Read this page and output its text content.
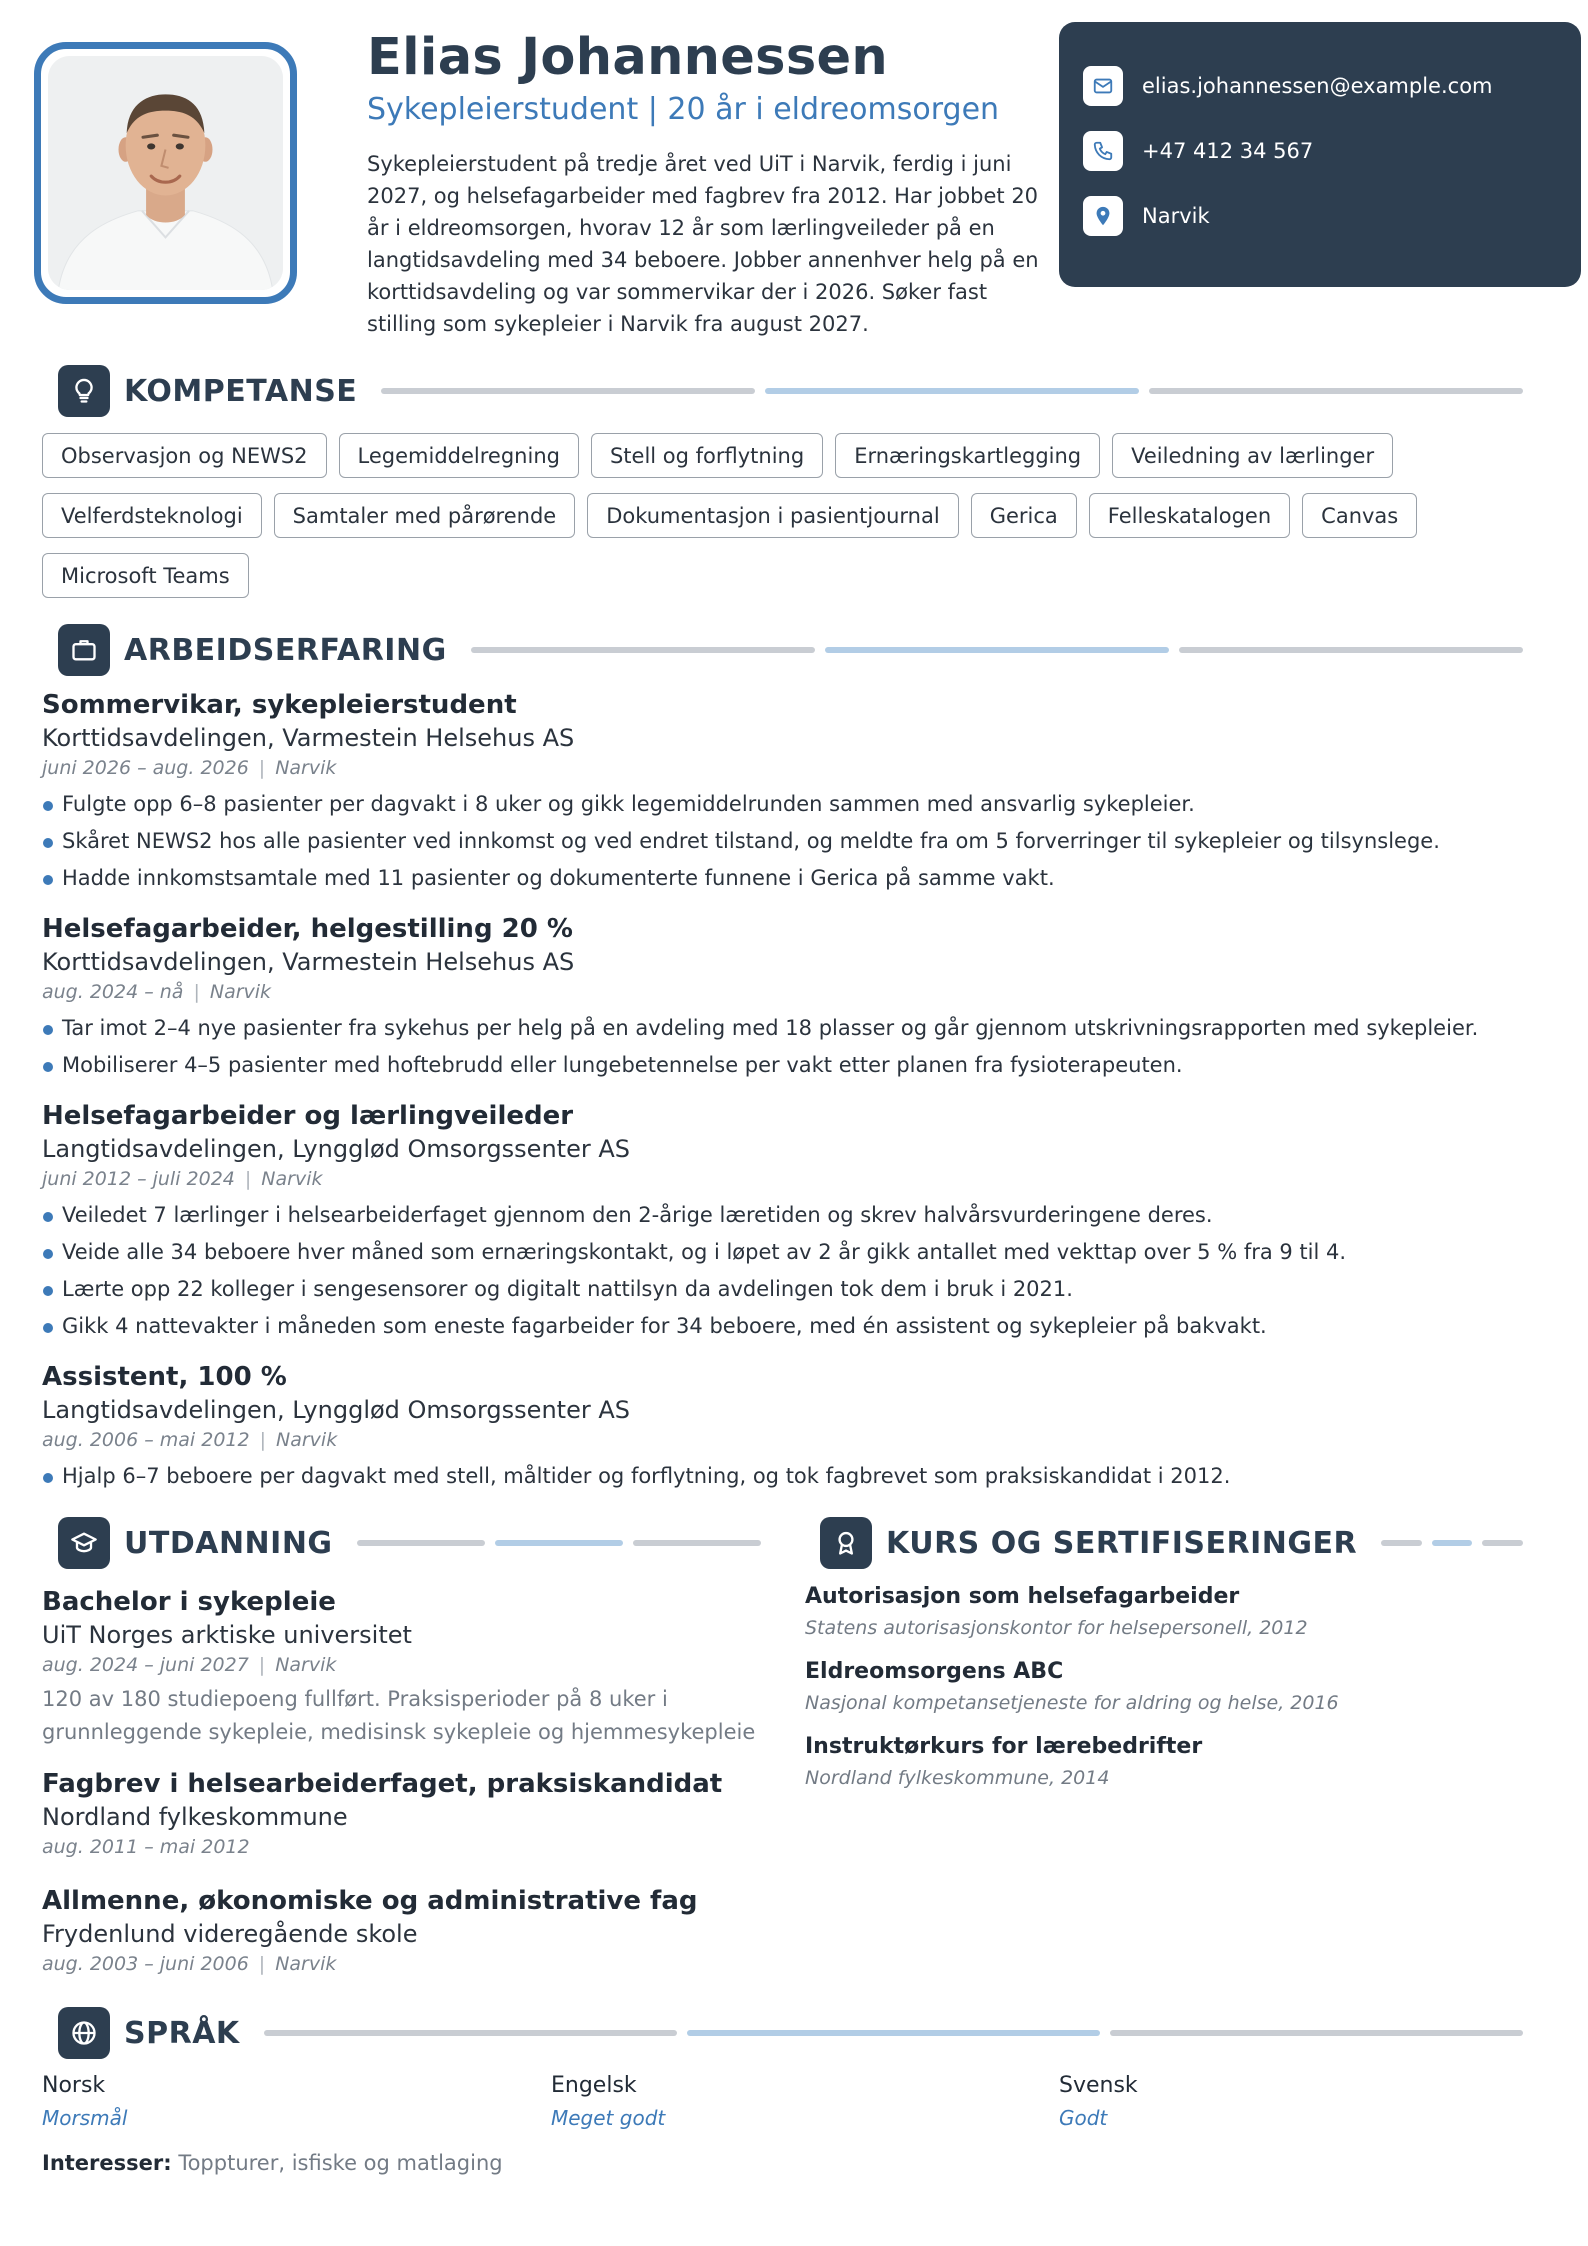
Elias Johannessen
Sykepleierstudent | 20 år i eldreomsorgen
Sykepleierstudent på tredje året ved UiT i Narvik, ferdig i juni 2027, og helsefagarbeider med fagbrev fra 2012. Har jobbet 20 år i eldreomsorgen, hvorav 12 år som lærlingveileder på en langtidsavdeling med 34 beboere. Jobber annenhver helg på en korttidsavdeling og var sommervikar der i 2026. Søker fast stilling som sykepleier i Narvik fra august 2027.
elias.johannessen@example.com
+47 412 34 567
Narvik
KOMPETANSE
Observasjon og NEWS2	Legemiddelregning	Stell og forflytning	Ernæringskartlegging	Veiledning av lærlinger
Velferdsteknologi	Samtaler med pårørende	Dokumentasjon i pasientjournal	Gerica	Felleskatalogen	Canvas
Microsoft Teams
ARBEIDSERFARING
Sommervikar, sykepleierstudent
Korttidsavdelingen, Varmestein Helsehus AS
juni 2026 – aug. 2026 | Narvik
Fulgte opp 6–8 pasienter per dagvakt i 8 uker og gikk legemiddelrunden sammen med ansvarlig sykepleier.
Skåret NEWS2 hos alle pasienter ved innkomst og ved endret tilstand, og meldte fra om 5 forverringer til sykepleier og tilsynslege.
Hadde innkomstsamtale med 11 pasienter og dokumenterte funnene i Gerica på samme vakt.
Helsefagarbeider, helgestilling 20 %
Korttidsavdelingen, Varmestein Helsehus AS
aug. 2024 – nå | Narvik
Tar imot 2–4 nye pasienter fra sykehus per helg på en avdeling med 18 plasser og går gjennom utskrivningsrapporten med sykepleier.
Mobiliserer 4–5 pasienter med hoftebrudd eller lungebetennelse per vakt etter planen fra fysioterapeuten.
Helsefagarbeider og lærlingveileder
Langtidsavdelingen, Lyngglød Omsorgssenter AS
juni 2012 – juli 2024 | Narvik
Veiledet 7 lærlinger i helsearbeiderfaget gjennom den 2-årige læretiden og skrev halvårsvurderingene deres.
Veide alle 34 beboere hver måned som ernæringskontakt, og i løpet av 2 år gikk antallet med vekttap over 5 % fra 9 til 4.
Lærte opp 22 kolleger i sengesensorer og digitalt nattilsyn da avdelingen tok dem i bruk i 2021.
Gikk 4 nattevakter i måneden som eneste fagarbeider for 34 beboere, med én assistent og sykepleier på bakvakt.
Assistent, 100 %
Langtidsavdelingen, Lyngglød Omsorgssenter AS
aug. 2006 – mai 2012 | Narvik
Hjalp 6–7 beboere per dagvakt med stell, måltider og forflytning, og tok fagbrevet som praksiskandidat i 2012.
UTDANNING
Bachelor i sykepleie
UiT Norges arktiske universitet
aug. 2024 – juni 2027 | Narvik
120 av 180 studiepoeng fullført. Praksisperioder på 8 uker i grunnleggende sykepleie, medisinsk sykepleie og hjemmesykepleie
Fagbrev i helsearbeiderfaget, praksiskandidat
Nordland fylkeskommune
aug. 2011 – mai 2012
Allmenne, økonomiske og administrative fag
Frydenlund videregående skole
aug. 2003 – juni 2006 | Narvik
KURS OG SERTIFISERINGER
Autorisasjon som helsefagarbeider
Statens autorisasjonskontor for helsepersonell, 2012
Eldreomsorgens ABC
Nasjonal kompetansetjeneste for aldring og helse, 2016
Instruktørkurs for lærebedrifter
Nordland fylkeskommune, 2014
SPRÅK
Norsk
Morsmål
Engelsk
Meget godt
Svensk
Godt
Interesser: Toppturer, isfiske og matlaging
